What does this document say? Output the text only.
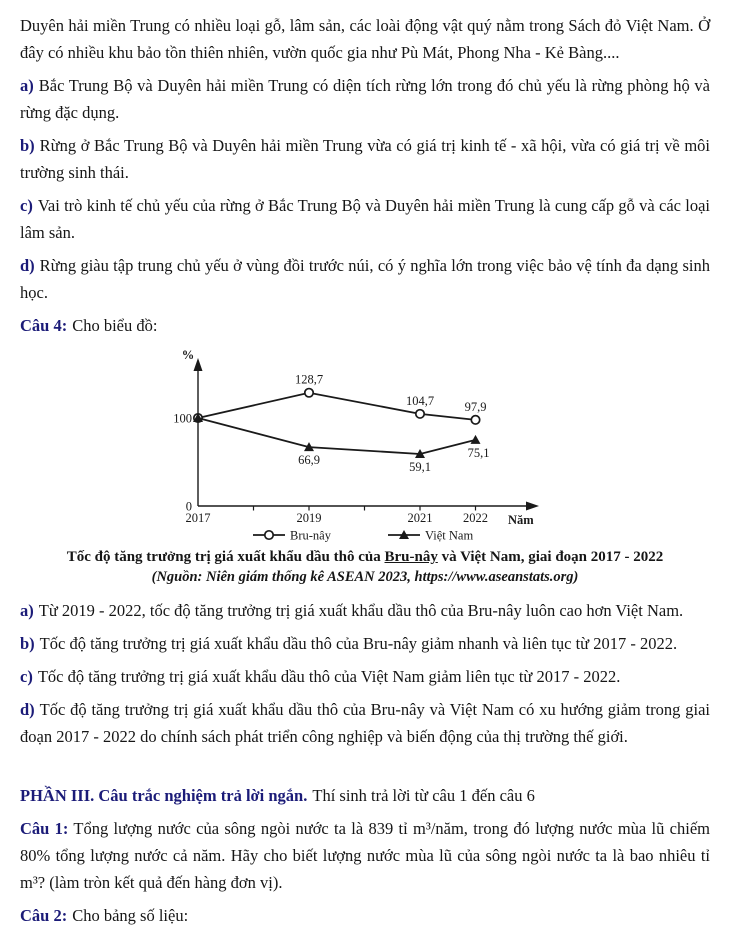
Duyên hải miền Trung có nhiều loại gỗ, lâm sản, các loài động vật quý nằm trong Sách đỏ Việt Nam. Ở đây có nhiều khu bảo tồn thiên nhiên, vườn quốc gia như Pù Mát, Phong Nha - Kẻ Bàng....

a) Bắc Trung Bộ và Duyên hải miền Trung có diện tích rừng lớn trong đó chủ yếu là rừng phòng hộ và rừng đặc dụng.

b) Rừng ở Bắc Trung Bộ và Duyên hải miền Trung vừa có giá trị kinh tế - xã hội, vừa có giá trị về môi trường sinh thái.

c) Vai trò kinh tế chủ yếu của rừng ở Bắc Trung Bộ và Duyên hải miền Trung là cung cấp gỗ và các loại lâm sản.

d) Rừng giàu tập trung chủ yếu ở vùng đồi trước núi, có ý nghĩa lớn trong việc bảo vệ tính đa dạng sinh học.

Câu 4: Cho biểu đồ:

2017	2019	2021 2022
100
0
%
Năm
128,7
104,7 97,9
66,9	59,1
75,1
Bru-nây	Việt Nam

Tốc độ tăng trưởng trị giá xuất khẩu dầu thô của Bru-nây và Việt Nam, giai đoạn 2017 - 2022

(Nguồn: Niên giám thống kê ASEAN 2023, https://www.aseanstats.org)

a) Từ 2019 - 2022, tốc độ tăng trưởng trị giá xuất khẩu dầu thô của Bru-nây luôn cao hơn Việt Nam.

b) Tốc độ tăng trưởng trị giá xuất khẩu dầu thô của Bru-nây giảm nhanh và liên tục từ 2017 - 2022.

c) Tốc độ tăng trưởng trị giá xuất khẩu dầu thô của Việt Nam giảm liên tục từ 2017 - 2022.

d) Tốc độ tăng trưởng trị giá xuất khẩu dầu thô của Bru-nây và Việt Nam có xu hướng giảm trong giai đoạn 2017 - 2022 do chính sách phát triển công nghiệp và biến động của thị trường thế giới.

PHẦN III. Câu trắc nghiệm trả lời ngắn. Thí sinh trả lời từ câu 1 đến câu 6

Câu 1: Tổng lượng nước của sông ngòi nước ta là 839 tỉ m³/năm, trong đó lượng nước mùa lũ chiếm 80% tổng lượng nước cả năm. Hãy cho biết lượng nước mùa lũ của sông ngòi nước ta là bao nhiêu tỉ m³? (làm tròn kết quả đến hàng đơn vị).

Câu 2: Cho bảng số liệu:
